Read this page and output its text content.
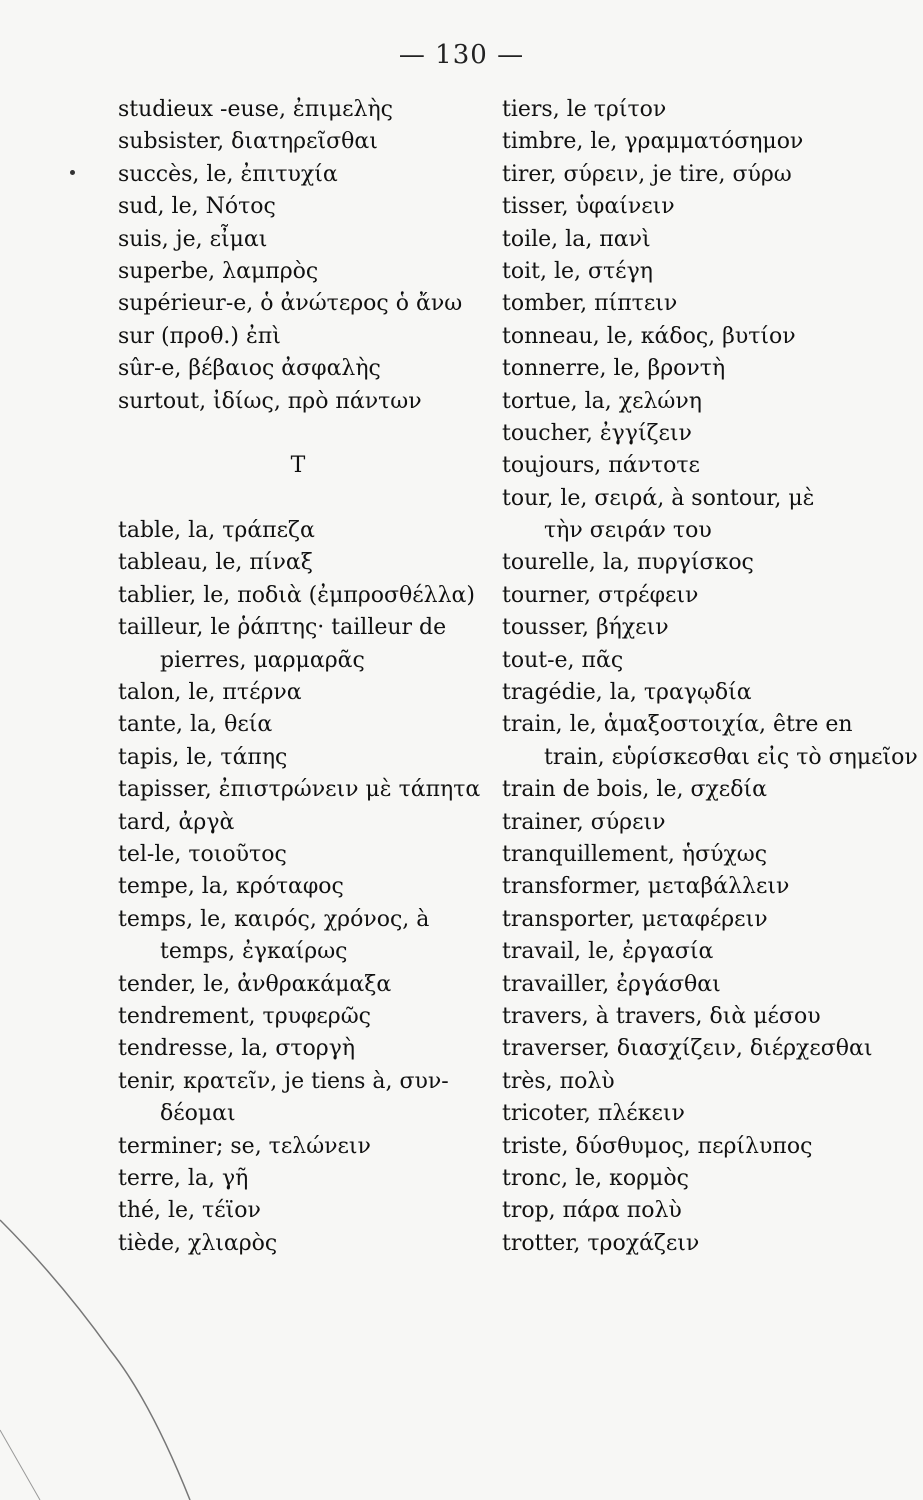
— 130 —
studieux -euse, ἐπιμελὴς
subsister, διατηρεῖσθαι
succès, le, ἐπιτυχία
sud, le, Νότος
suis, je, εἶμαι
superbe, λαμπρὸς
supérieur-e, ὁ ἀνώτερος ὁ ἄνω
sur (προθ.) ἐπὶ
sûr-e, βέβαιος ἀσφαλὴς
surtout, ἰδίως, πρὸ πάντων
T
table, la, τράπεζα
tableau, le, πίναξ
tablier, le, ποδιὰ (ἐμπροσθέλλα)
tailleur, le ῥάπτης· tailleur de
pierres, μαρμαρᾶς
talon, le, πτέρνα
tante, la, θεία
tapis, le, τάπης
tapisser, ἐπιστρώνειν μὲ τάπητα
tard, ἀργὰ
tel-le, τοιοῦτος
tempe, la, κρόταφος
temps, le, καιρός, χρόνος, à
temps, ἐγκαίρως
tender, le, ἀνθρακάμαξα
tendrement, τρυφερῶς
tendresse, la, στοργὴ
tenir, κρατεῖν, je tiens à, συν-
δέομαι
terminer; se, τελώνειν
terre, la, γῆ
thé, le, τέϊον
tiède, χλιαρὸς
tiers, le τρίτον
timbre, le, γραμματόσημον
tirer, σύρειν, je tire, σύρω
tisser, ὑφαίνειν
toile, la, πανὶ
toit, le, στέγη
tomber, πίπτειν
tonneau, le, κάδος, βυτίον
tonnerre, le, βροντὴ
tortue, la, χελώνη
toucher, ἐγγίζειν
toujours, πάντοτε
tour, le, σειρά, à sontour, μὲ
τὴν σειράν του
tourelle, la, πυργίσκος
tourner, στρέφειν
tousser, βήχειν
tout-e, πᾶς
tragédie, la, τραγῳδία
train, le, ἁμαξοστοιχία, être en
train, εὑρίσκεσθαι εἰς τὸ σημεῖον
train de bois, le, σχεδία
trainer, σύρειν
tranquillement, ἡσύχως
transformer, μεταβάλλειν
transporter, μεταφέρειν
travail, le, ἐργασία
travailler, ἐργάσθαι
travers, à travers, διὰ μέσου
traverser, διασχίζειν, διέρχεσθαι
très, πολὺ
tricoter, πλέκειν
triste, δύσθυμος, περίλυπος
tronc, le, κορμὸς
trop, πάρα πολὺ
trotter, τροχάζειν
